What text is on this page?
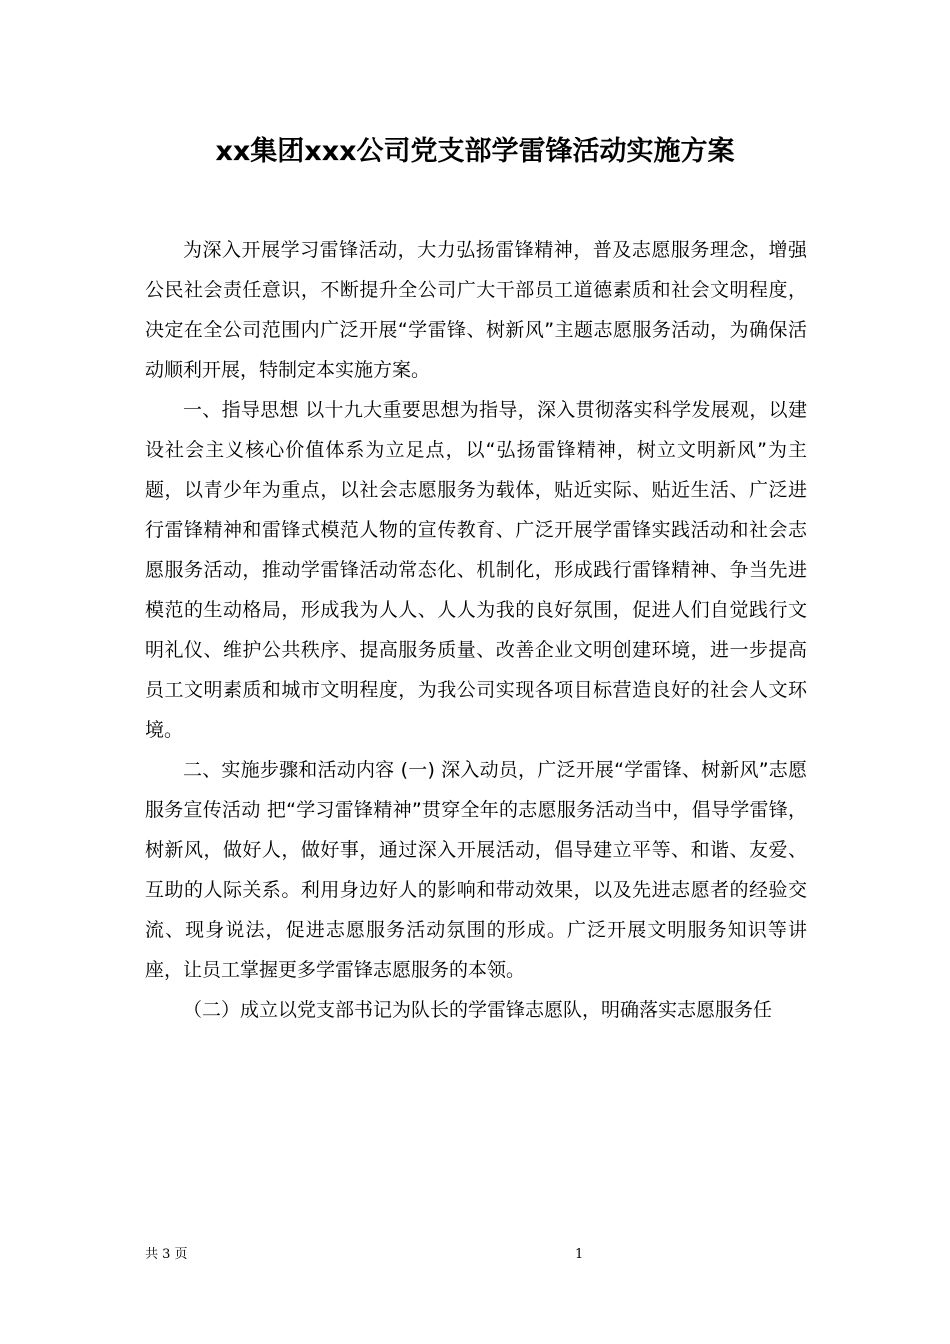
xx集团xxx公司党支部学雷锋活动实施方案

为深入开展学习雷锋活动，大力弘扬雷锋精神，普及志愿服务理念，增强公民社会责任意识，不断提升全公司广大干部员工道德素质和社会文明程度，决定在全公司范围内广泛开展“学雷锋、树新风”主题志愿服务活动，为确保活动顺利开展，特制定本实施方案。

一、指导思想 以十九大重要思想为指导，深入贯彻落实科学发展观，以建设社会主义核心价值体系为立足点，以“弘扬雷锋精神，树立文明新风”为主题，以青少年为重点，以社会志愿服务为载体，贴近实际、贴近生活、广泛进行雷锋精神和雷锋式模范人物的宣传教育、广泛开展学雷锋实践活动和社会志愿服务活动，推动学雷锋活动常态化、机制化，形成践行雷锋精神、争当先进模范的生动格局，形成我为人人、人人为我的良好氛围，促进人们自觉践行文明礼仪、维护公共秩序、提高服务质量、改善企业文明创建环境，进一步提高员工文明素质和城市文明程度，为我公司实现各项目标营造良好的社会人文环境。

二、实施步骤和活动内容 (一) 深入动员，广泛开展“学雷锋、树新风”志愿服务宣传活动 把“学习雷锋精神”贯穿全年的志愿服务活动当中，倡导学雷锋，树新风，做好人，做好事，通过深入开展活动，倡导建立平等、和谐、友爱、互助的人际关系。利用身边好人的影响和带动效果，以及先进志愿者的经验交流、现身说法，促进志愿服务活动氛围的形成。广泛开展文明服务知识等讲座，让员工掌握更多学雷锋志愿服务的本领。

（二）成立以党支部书记为队长的学雷锋志愿队，明确落实志愿服务任

共 3 页	1
